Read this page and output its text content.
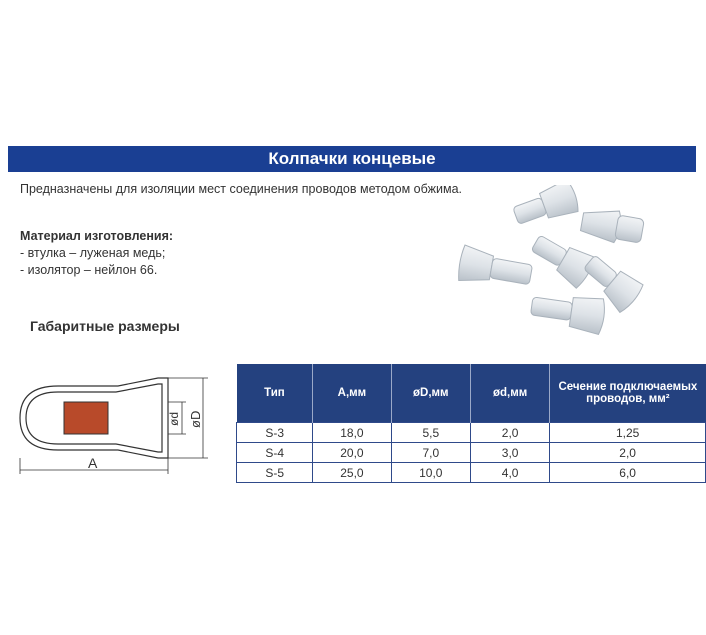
Колпачки концевые
Предназначены для изоляции мест соединения проводов методом обжима.
Материал изготовления:
- втулка – луженая медь;
- изолятор – нейлон 66.
Габаритные размеры
A
ød øD
Тип	A,мм	øD,мм	ød,мм	Сечение подключаемых проводов, мм²
S-3	18,0	5,5	2,0	1,25
S-4	20,0	7,0	3,0	2,0
S-5	25,0	10,0	4,0	6,0
